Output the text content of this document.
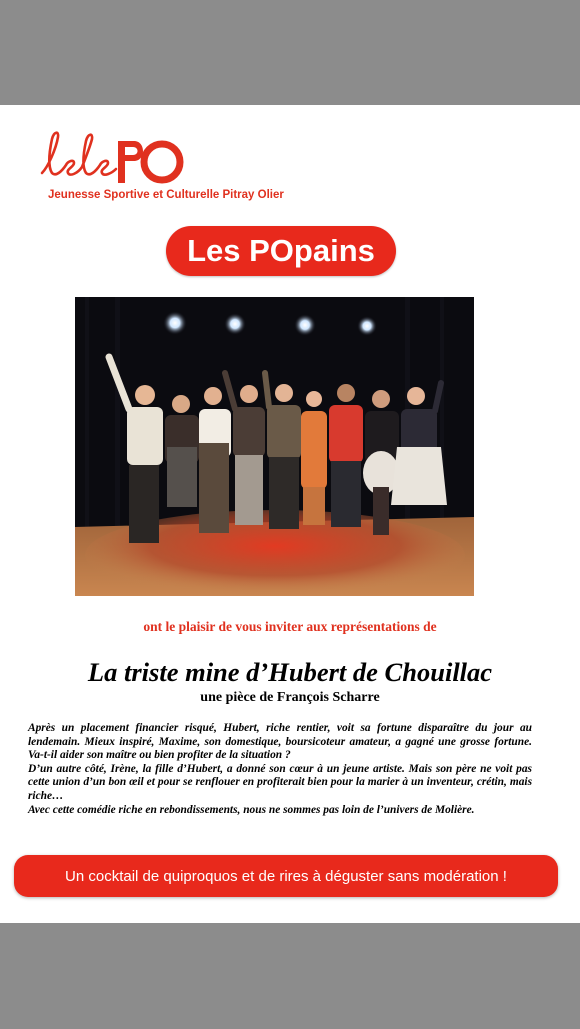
Jeunesse Sportive et Culturelle Pitray Olier
Les POpains
ont le plaisir de vous inviter aux représentations de
La triste mine d’Hubert de Chouillac
une pièce de François Scharre

Après un placement financier risqué, Hubert, riche rentier, voit sa fortune disparaître du jour au lendemain. Mieux inspiré, Maxime, son domestique, boursicoteur amateur, a gagné une grosse fortune. Va-t-il aider son maître ou bien profiter de la situation ?

D’un autre côté, Irène, la fille d’Hubert, a donné son cœur à un jeune artiste. Mais son père ne voit pas cette union d’un bon œil et pour se renflouer en profiterait bien pour la marier à un inventeur, crétin, mais riche…

Avec cette comédie riche en rebondissements, nous ne sommes pas loin de l’univers de Molière.

Un cocktail de quiproquos et de rires à déguster sans modération !
